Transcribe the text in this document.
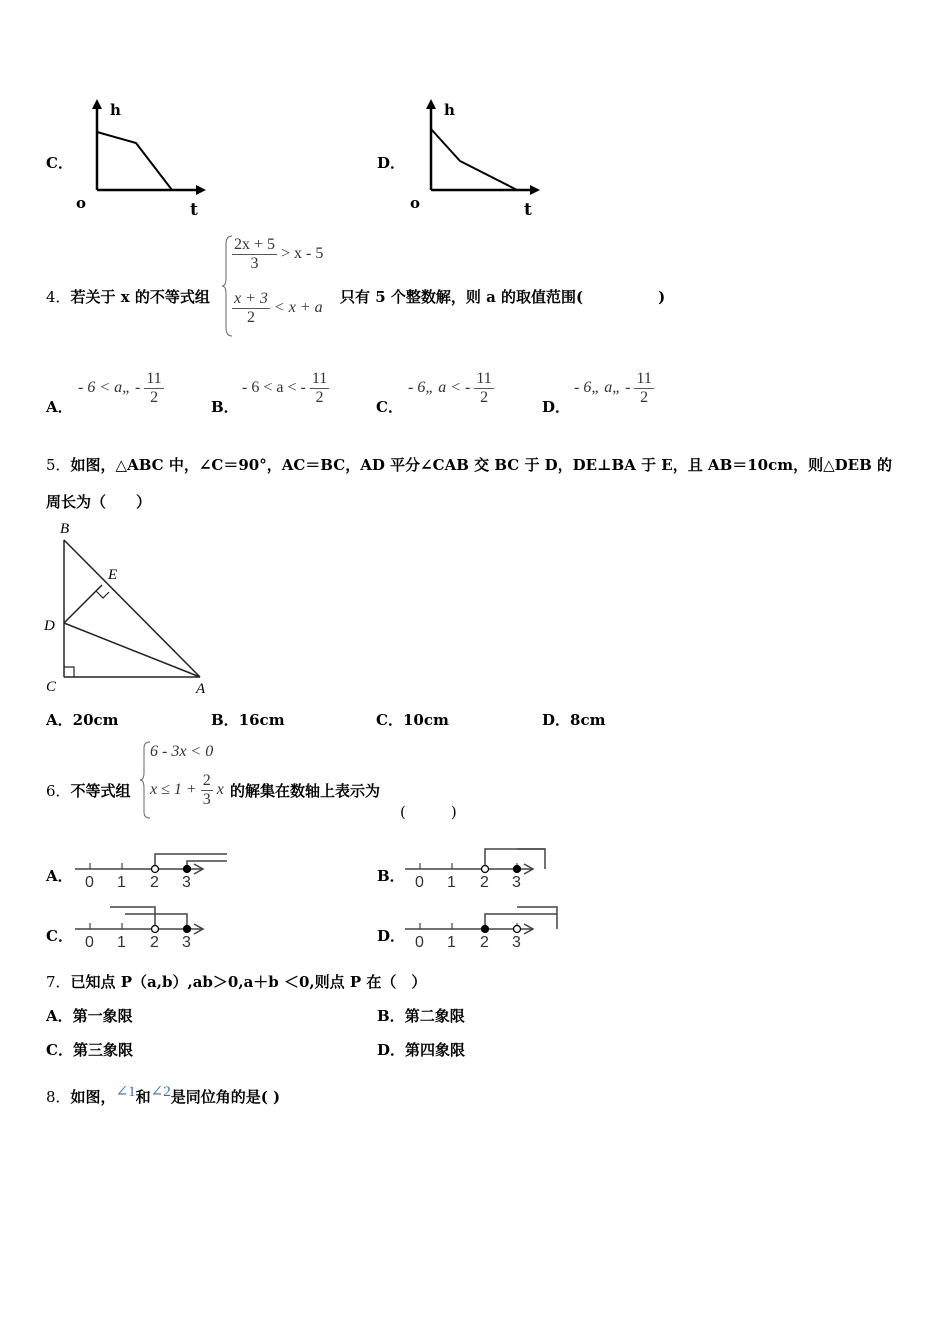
C．
h
t
o
D．
h
t
o
4．若关于 x 的不等式组
$\frac{2x + 5}{3} > x - 5$
$\frac{x + 3}{2} < x + a$
只有 5 个整数解，则 a 的取值范围(　　　　　)
A．
- 6 < a„ - $\frac{11}{2}$
B．
- 6 < a < - $\frac{11}{2}$
C．
- 6„ a < - $\frac{11}{2}$
D．
- 6„ a„ - $\frac{11}{2}$
5．如图，△ABC 中，∠C＝90°，AC＝BC，AD 平分∠CAB 交 BC 于 D，DE⊥BA 于 E，且 AB＝10cm，则△DEB 的
周长为（　　）
B
E
D
C	A
A．20cm	B．16cm	C．10cm	D．8cm
6．不等式组
6 - 3x < 0
$x \le 1 + \frac{2}{3}$ x 的解集在数轴上表示为
(　　　)
A． 0 1 2 3	B． 0 1 2 3
C． 0 1 2 3	D． 0 1 2 3
7．已知点 P（a,b）,ab＞0,a＋b ＜0,则点 P 在（　）
A．第一象限	B．第二象限
C．第三象限	D．第四象限
8．如图，∠1和∠2是同位角的是( )
